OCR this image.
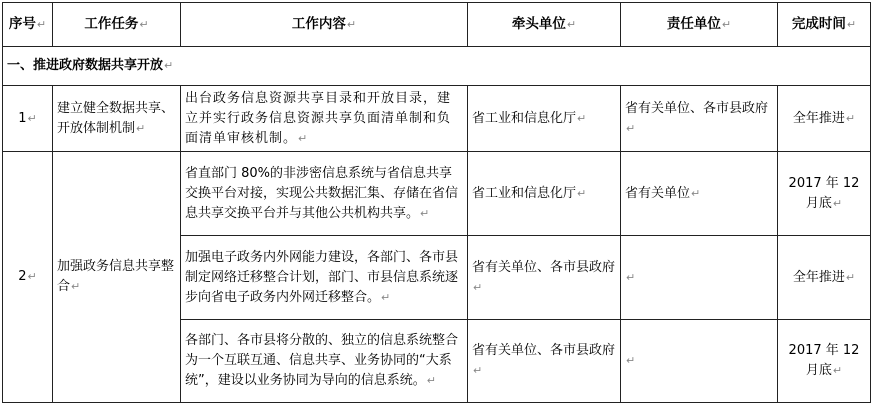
序号↵	工作任务↵	工作内容↵	牵头单位↵	责任单位↵	完成时间↵
一、推进政府数据共享开放↵					
1↵	建立健全数据共享、开放体制机制↵	出台政务信息资源共享目录和开放目录，建立并实行政务信息资源共享负面清单制和负面清单审核机制。↵	省工业和信息化厅↵	省有关单位、各市县政府↵	全年推进↵
2↵	加强政务信息共享整合↵	省直部门 80%的非涉密信息系统与省信息共享交换平台对接，实现公共数据汇集、存储在省信息共享交换平台并与其他公共机构共享。↵	省工业和信息化厅↵	省有关单位↵	2017 年 12 月底↵
		加强电子政务内外网能力建设，各部门、各市县制定网络迁移整合计划，部门、市县信息系统逐步向省电子政务内外网迁移整合。↵	省有关单位、各市县政府↵	↵	全年推进↵
		各部门、各市县将分散的、独立的信息系统整合为一个互联互通、信息共享、业务协同的“大系统”，建设以业务协同为导向的信息系统。↵	省有关单位、各市县政府↵	↵	2017 年 12 月底↵
